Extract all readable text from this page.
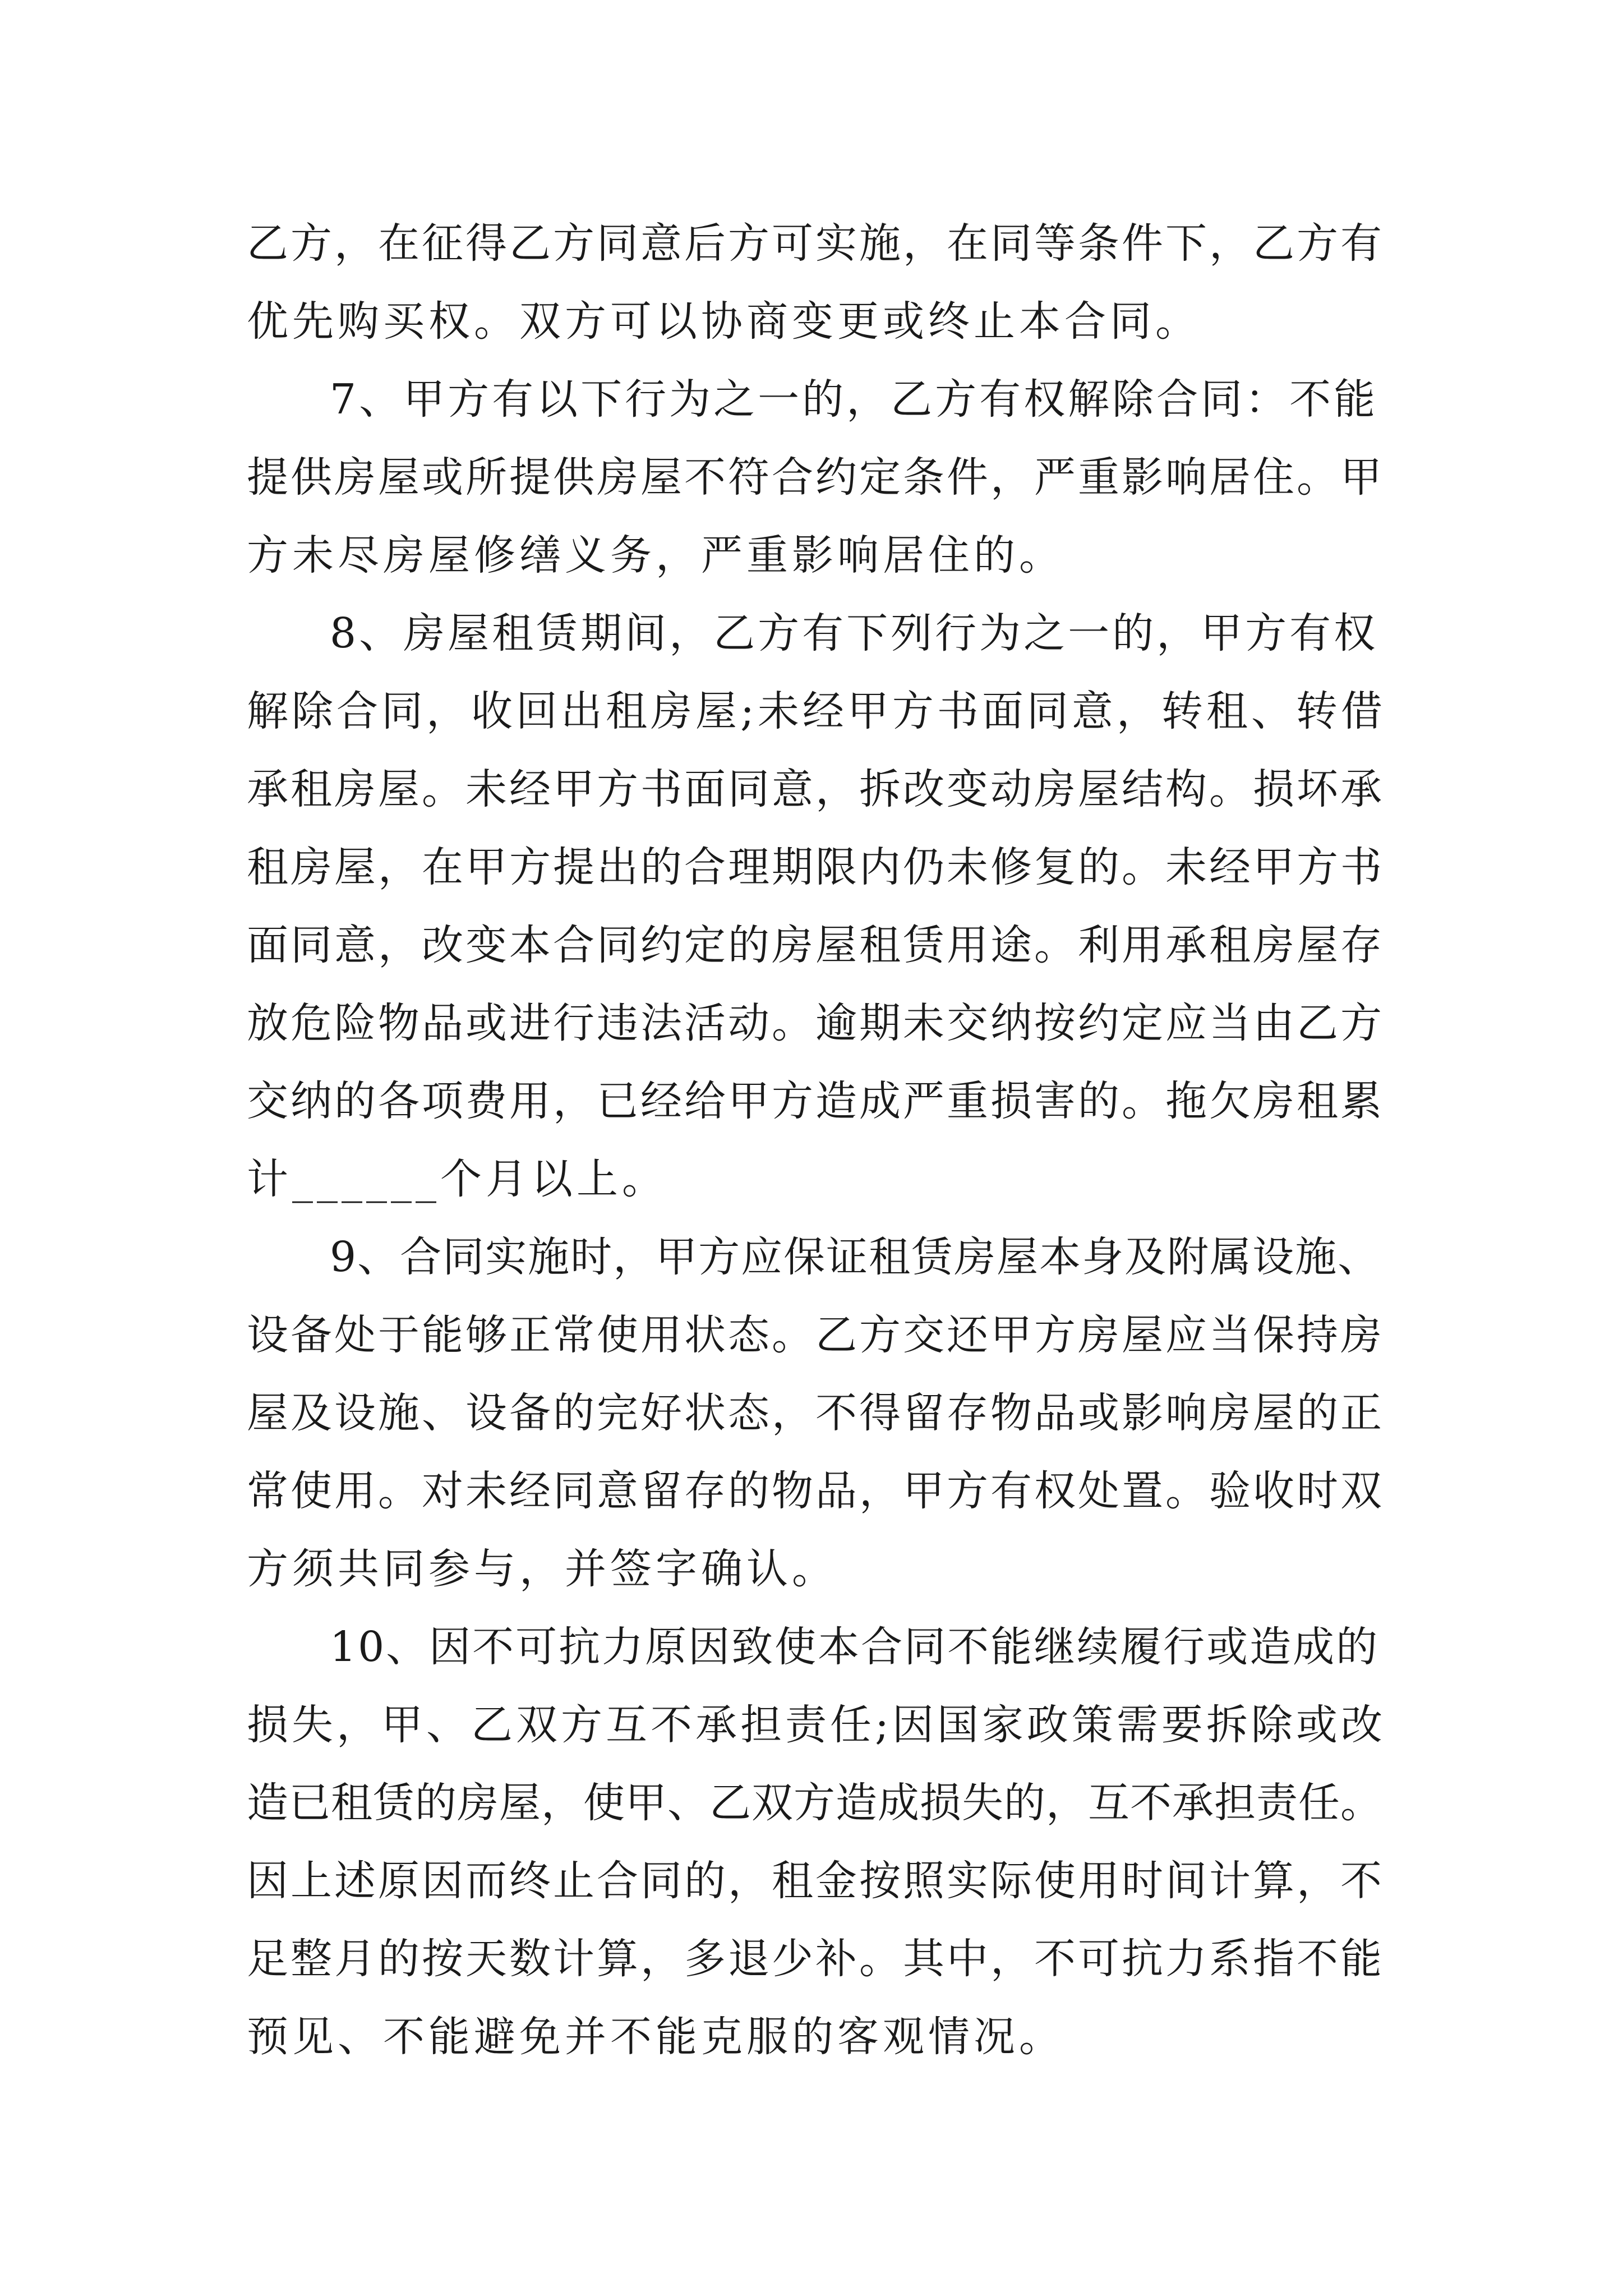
乙方，在征得乙方同意后方可实施，在同等条件下，乙方有
优先购买权。双方可以协商变更或终止本合同。
7、甲方有以下行为之一的，乙方有权解除合同：不能
提供房屋或所提供房屋不符合约定条件，严重影响居住。甲
方未尽房屋修缮义务，严重影响居住的。
8、房屋租赁期间，乙方有下列行为之一的，甲方有权
解除合同，收回出租房屋;未经甲方书面同意，转租、转借
承租房屋。未经甲方书面同意，拆改变动房屋结构。损坏承
租房屋，在甲方提出的合理期限内仍未修复的。未经甲方书
面同意，改变本合同约定的房屋租赁用途。利用承租房屋存
放危险物品或进行违法活动。逾期未交纳按约定应当由乙方
交纳的各项费用，已经给甲方造成严重损害的。拖欠房租累
计______个月以上。
9、合同实施时，甲方应保证租赁房屋本身及附属设施、
设备处于能够正常使用状态。乙方交还甲方房屋应当保持房
屋及设施、设备的完好状态，不得留存物品或影响房屋的正
常使用。对未经同意留存的物品，甲方有权处置。验收时双
方须共同参与，并签字确认。
10、因不可抗力原因致使本合同不能继续履行或造成的
损失，甲、乙双方互不承担责任;因国家政策需要拆除或改
造已租赁的房屋，使甲、乙双方造成损失的，互不承担责任。
因上述原因而终止合同的，租金按照实际使用时间计算，不
足整月的按天数计算，多退少补。其中，不可抗力系指不能
预见、不能避免并不能克服的客观情况。
